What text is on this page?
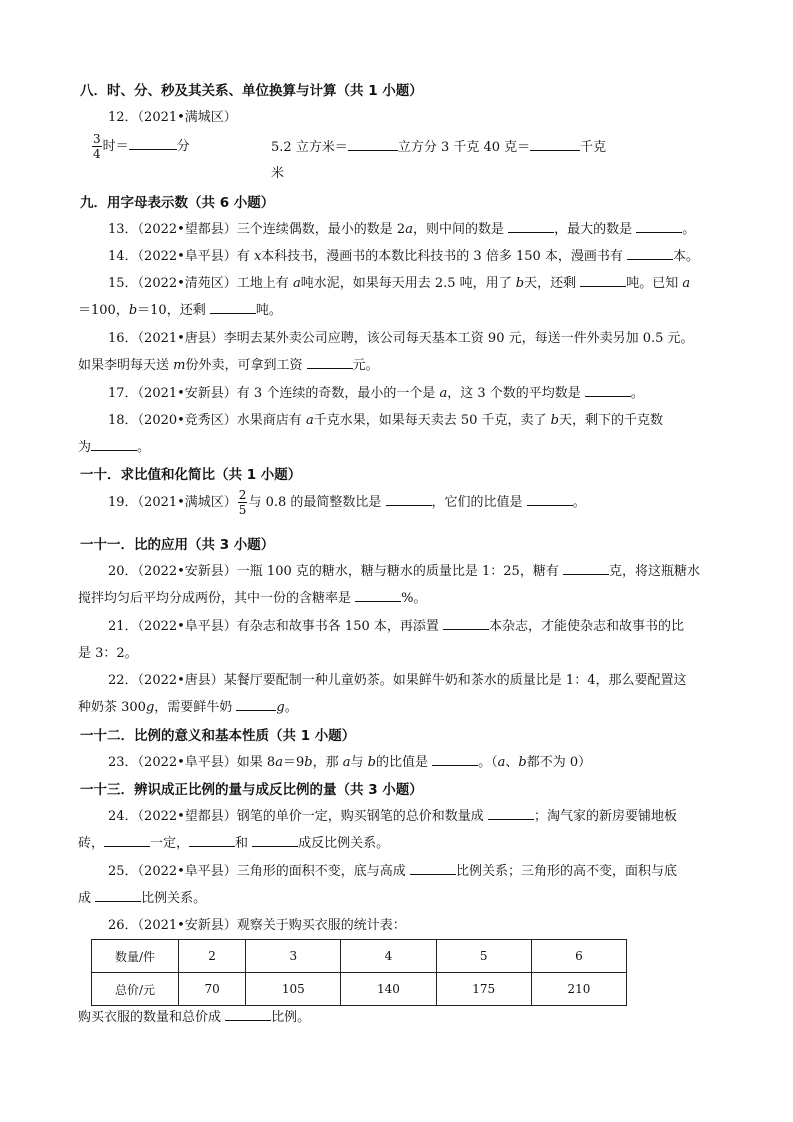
八．时、分、秒及其关系、单位换算与计算（共 1 小题）
12．（2021•满城区）
$\frac{3}{4}$ 时＝	分	5.2 立方米＝	立方分 3 千克 40 克＝	千克
米
九．用字母表示数（共 6 小题）
13．（2022•望都县）三个连续偶数，最小的数是 2a，则中间的数是	，最大的数是	。
14．（2022•阜平县）有 x本科技书，漫画书的本数比科技书的 3 倍多 150 本，漫画书有	本。
15．（2022•清苑区）工地上有 a吨水泥，如果每天用去 2.5 吨，用了 b天，还剩	吨。已知 a
＝100，b＝10，还剩	吨。
16．（2021•唐县）李明去某外卖公司应聘，该公司每天基本工资 90 元，每送一件外卖另加 0.5 元。
如果李明每天送 m份外卖，可拿到工资	元。
17．（2021•安新县）有 3 个连续的奇数，最小的一个是 a，这 3 个数的平均数是	。
18．（2020•竞秀区）水果商店有 a千克水果，如果每天卖去 50 千克，卖了 b天，剩下的千克数
为	。
一十．求比值和化简比（共 1 小题）
19．（2021•满城区） $\frac{2}{5}$ 与 0.8 的最简整数比是	，它们的比值是	。
一十一．比的应用（共 3 小题）
20．（2022•安新县）一瓶 100 克的糖水，糖与糖水的质量比是 1：25，糖有	克，将这瓶糖水
搅拌均匀后平均分成两份，其中一份的含糖率是	%。
21．（2022•阜平县）有杂志和故事书各 150 本，再添置	本杂志，才能使杂志和故事书的比
是 3：2。
22．（2022•唐县）某餐厅要配制一种儿童奶茶。如果鲜牛奶和茶水的质量比是 1：4，那么要配置这
种奶茶 300g，需要鲜牛奶	g。
一十二．比例的意义和基本性质（共 1 小题）
23．（2022•阜平县）如果 8a＝9b，那 a与 b的比值是	。（a、b都不为 0）
一十三．辨识成正比例的量与成反比例的量（共 3 小题）
24．（2022•望都县）钢笔的单价一定，购买钢笔的总价和数量成	；淘气家的新房要铺地板
砖，	一定，	和	成反比例关系。
25．（2022•阜平县）三角形的面积不变，底与高成	比例关系；三角形的高不变，面积与底
成	比例关系。
26．（2021•安新县）观察关于购买衣服的统计表：
数量/件	2	3	4	5	6
总价/元	70	105	140	175	210
购买衣服的数量和总价成	比例。
